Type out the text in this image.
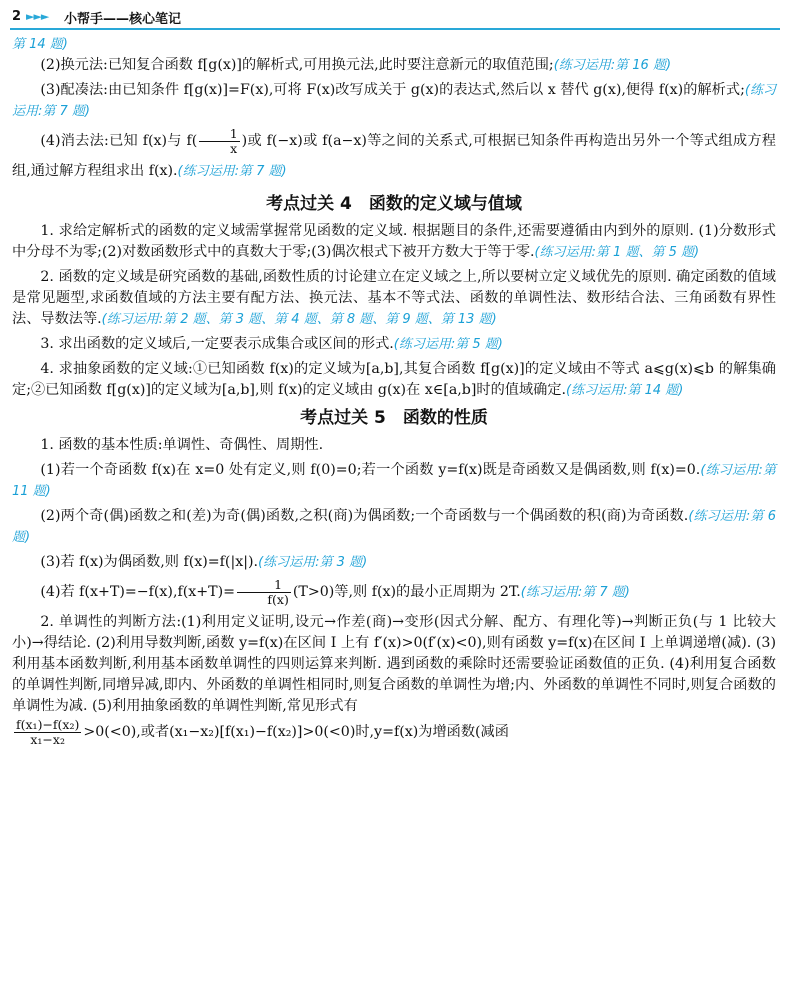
2 ►►► 小帮手——核心笔记

第 14 题)

(2)换元法:已知复合函数 f[g(x)]的解析式,可用换元法,此时要注意新元的取值范围;(练习运用:第 16 题)

(3)配凑法:由已知条件 f[g(x)]=F(x),可将 F(x)改写成关于 g(x)的表达式,然后以 x 替代 g(x),便得 f(x)的解析式;(练习运用:第 7 题)

(4)消去法:已知 f(x)与 $f( \frac{1}{x}$ )或 f(−x)或 f(a−x)等之间的关系式,可根据已知条件再构造出另外一个等式组成方程组,通过解方程组求出 f(x).(练习运用:第 7 题)

考点过关 4　函数的定义域与值域

1. 求给定解析式的函数的定义域需掌握常见函数的定义域. 根据题目的条件,还需要遵循由内到外的原则. (1)分数形式中分母不为零;(2)对数函数形式中的真数大于零;(3)偶次根式下被开方数大于等于零.(练习运用:第 1 题、第 5 题)

2. 函数的定义域是研究函数的基础,函数性质的讨论建立在定义域之上,所以要树立定义域优先的原则. 确定函数的值域是常见题型,求函数值域的方法主要有配方法、换元法、基本不等式法、函数的单调性法、数形结合法、三角函数有界性法、导数法等.(练习运用:第 2 题、第 3 题、第 4 题、第 8 题、第 9 题、第 13 题)

3. 求出函数的定义域后,一定要表示成集合或区间的形式.(练习运用:第 5 题)

4. 求抽象函数的定义域:①已知函数 f(x)的定义域为[a,b],其复合函数 f[g(x)]的定义域由不等式 a⩽g(x)⩽b 的解集确定;②已知函数 f[g(x)]的定义域为[a,b],则 f(x)的定义域由 g(x)在 x∈[a,b]时的值域确定.(练习运用:第 14 题)

考点过关 5　函数的性质

1. 函数的基本性质:单调性、奇偶性、周期性.

(1)若一个奇函数 f(x)在 x=0 处有定义,则 f(0)=0;若一个函数 y=f(x)既是奇函数又是偶函数,则 f(x)=0.(练习运用:第 11 题)

(2)两个奇(偶)函数之和(差)为奇(偶)函数,之积(商)为偶函数;一个奇函数与一个偶函数的积(商)为奇函数.(练习运用:第 6 题)

(3)若 f(x)为偶函数,则 f(x)=f(|x|).(练习运用:第 3 题)

(4)若 $f(x+T)=-f(x),f(x+T)= \frac{1}{f(x)} (T>0)$等,则 f(x)的最小正周期为 2T.(练习运用:第 7 题)

2. 单调性的判断方法:(1)利用定义证明,设元→作差(商)→变形(因式分解、配方、有理化等)→判断正负(与 1 比较大小)→得结论. (2)利用导数判断,函数 y=f(x)在区间 I 上有 f′(x)>0(f′(x)<0),则有函数 y=f(x)在区间 I 上单调递增(减). (3)利用基本函数判断,利用基本函数单调性的四则运算来判断. 遇到函数的乘除时还需要验证函数值的正负. (4)利用复合函数的单调性判断,同增异减,即内、外函数的单调性相同时,则复合函数的单调性为增;内、外函数的单调性不同时,则复合函数的单调性为减. (5)利用抽象函数的单调性判断,常见形式有

$\frac{\text{f(x₁)−f(x₂)}}{\text{x₁−x₂}} >0(<0)$,或者(x₁−x₂)[f(x₁)−f(x₂)]>0(<0)时,y=f(x)为增函数(减函
